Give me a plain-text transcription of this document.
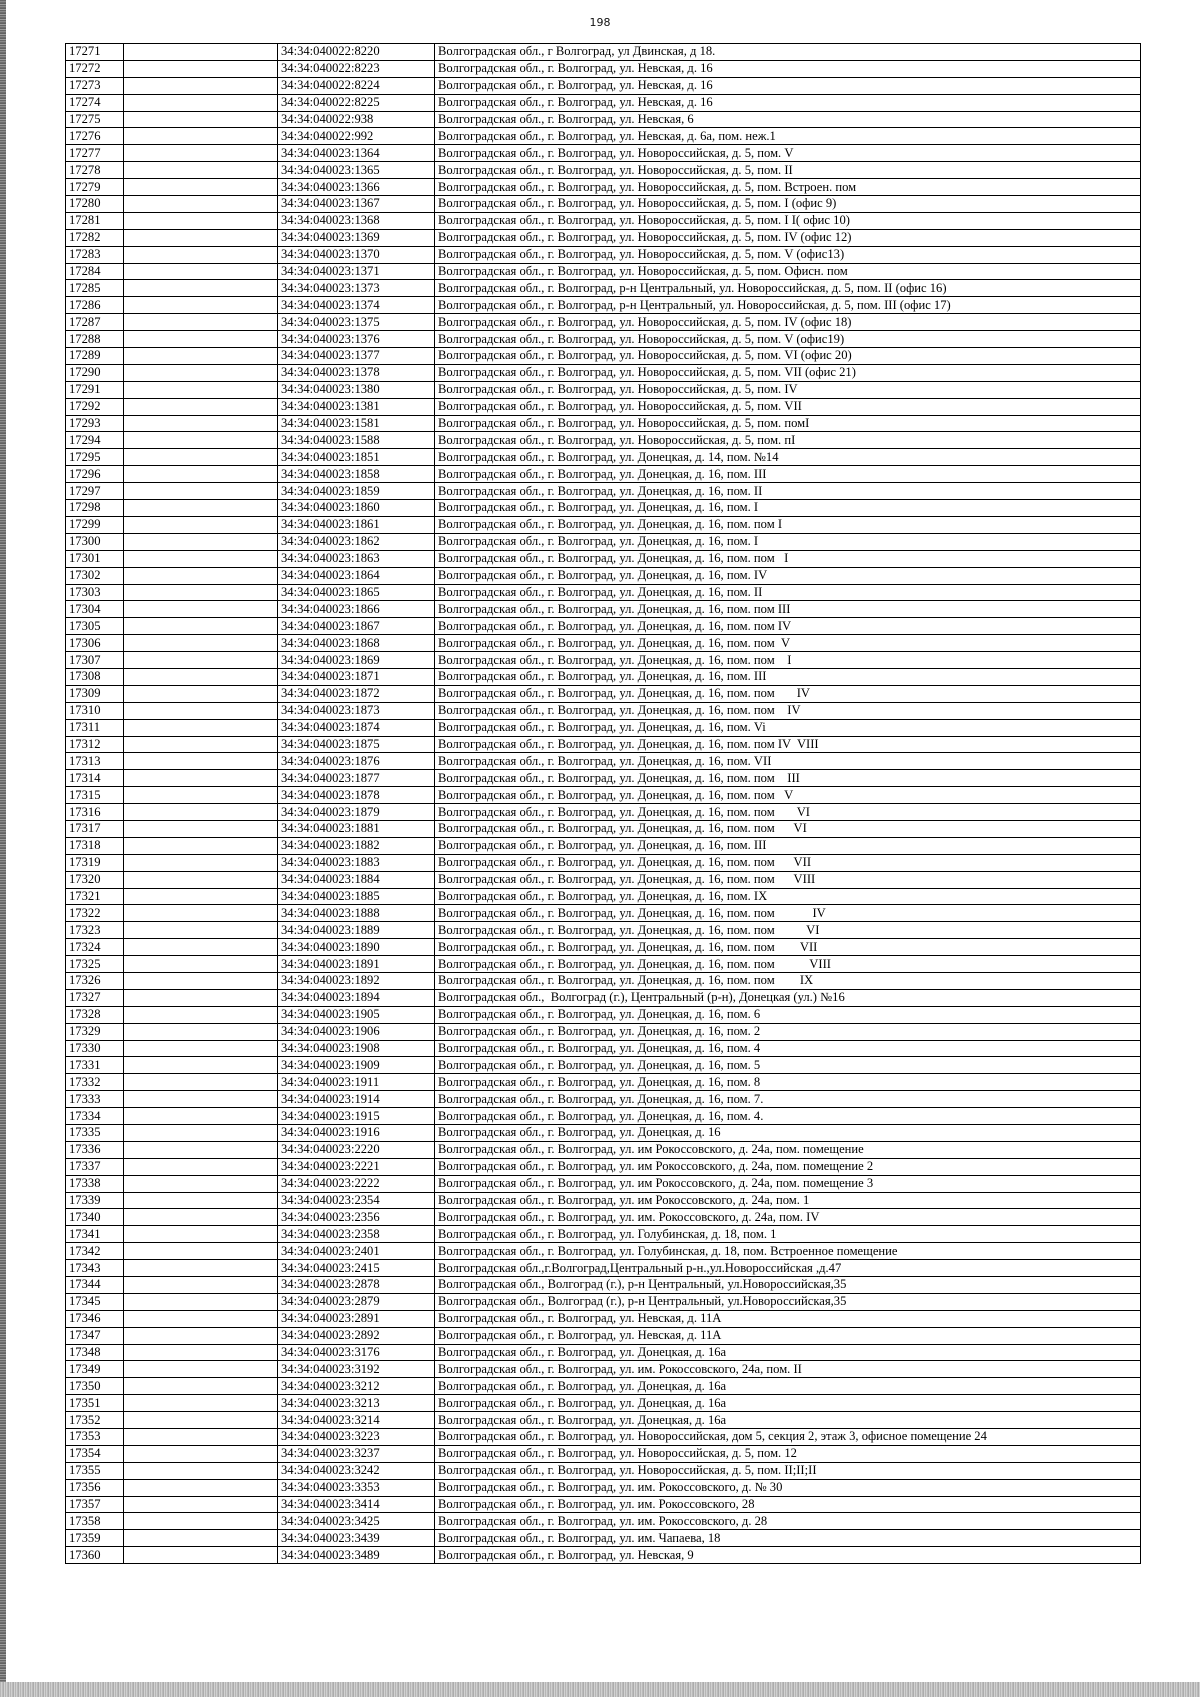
198
17271		34:34:040022:8220	Волгоградская обл., г Волгоград, ул Двинская, д 18.
17272		34:34:040022:8223	Волгоградская обл., г. Волгоград, ул. Невская, д. 16
17273		34:34:040022:8224	Волгоградская обл., г. Волгоград, ул. Невская, д. 16
17274		34:34:040022:8225	Волгоградская обл., г. Волгоград, ул. Невская, д. 16
17275		34:34:040022:938	Волгоградская обл., г. Волгоград, ул. Невская, 6
17276		34:34:040022:992	Волгоградская обл., г. Волгоград, ул. Невская, д. 6а, пом. неж.1
17277		34:34:040023:1364	Волгоградская обл., г. Волгоград, ул. Новороссийская, д. 5, пом. V
17278		34:34:040023:1365	Волгоградская обл., г. Волгоград, ул. Новороссийская, д. 5, пом. II
17279		34:34:040023:1366	Волгоградская обл., г. Волгоград, ул. Новороссийская, д. 5, пом. Встроен. пом
17280		34:34:040023:1367	Волгоградская обл., г. Волгоград, ул. Новороссийская, д. 5, пом. I (офис 9)
17281		34:34:040023:1368	Волгоградская обл., г. Волгоград, ул. Новороссийская, д. 5, пом. I I( офис 10)
17282		34:34:040023:1369	Волгоградская обл., г. Волгоград, ул. Новороссийская, д. 5, пом. IV (офис 12)
17283		34:34:040023:1370	Волгоградская обл., г. Волгоград, ул. Новороссийская, д. 5, пом. V (офис13)
17284		34:34:040023:1371	Волгоградская обл., г. Волгоград, ул. Новороссийская, д. 5, пом. Офисн. пом
17285		34:34:040023:1373	Волгоградская обл., г. Волгоград, р-н Центральный, ул. Новороссийская, д. 5, пом. II (офис 16)
17286		34:34:040023:1374	Волгоградская обл., г. Волгоград, р-н Центральный, ул. Новороссийская, д. 5, пом. III (офис 17)
17287		34:34:040023:1375	Волгоградская обл., г. Волгоград, ул. Новороссийская, д. 5, пом. IV (офис 18)
17288		34:34:040023:1376	Волгоградская обл., г. Волгоград, ул. Новороссийская, д. 5, пом. V (офис19)
17289		34:34:040023:1377	Волгоградская обл., г. Волгоград, ул. Новороссийская, д. 5, пом. VI (офис 20)
17290		34:34:040023:1378	Волгоградская обл., г. Волгоград, ул. Новороссийская, д. 5, пом. VII (офис 21)
17291		34:34:040023:1380	Волгоградская обл., г. Волгоград, ул. Новороссийская, д. 5, пом. IV
17292		34:34:040023:1381	Волгоградская обл., г. Волгоград, ул. Новороссийская, д. 5, пом. VII
17293		34:34:040023:1581	Волгоградская обл., г. Волгоград, ул. Новороссийская, д. 5, пом. помI
17294		34:34:040023:1588	Волгоградская обл., г. Волгоград, ул. Новороссийская, д. 5, пом. пI
17295		34:34:040023:1851	Волгоградская обл., г. Волгоград, ул. Донецкая, д. 14, пом. №14
17296		34:34:040023:1858	Волгоградская обл., г. Волгоград, ул. Донецкая, д. 16, пом. III
17297		34:34:040023:1859	Волгоградская обл., г. Волгоград, ул. Донецкая, д. 16, пом. II
17298		34:34:040023:1860	Волгоградская обл., г. Волгоград, ул. Донецкая, д. 16, пом. I
17299		34:34:040023:1861	Волгоградская обл., г. Волгоград, ул. Донецкая, д. 16, пом. пом I
17300		34:34:040023:1862	Волгоградская обл., г. Волгоград, ул. Донецкая, д. 16, пом. I
17301		34:34:040023:1863	Волгоградская обл., г. Волгоград, ул. Донецкая, д. 16, пом. пом   I
17302		34:34:040023:1864	Волгоградская обл., г. Волгоград, ул. Донецкая, д. 16, пом. IV
17303		34:34:040023:1865	Волгоградская обл., г. Волгоград, ул. Донецкая, д. 16, пом. II
17304		34:34:040023:1866	Волгоградская обл., г. Волгоград, ул. Донецкая, д. 16, пом. пом III
17305		34:34:040023:1867	Волгоградская обл., г. Волгоград, ул. Донецкая, д. 16, пом. пом IV
17306		34:34:040023:1868	Волгоградская обл., г. Волгоград, ул. Донецкая, д. 16, пом. пом  V
17307		34:34:040023:1869	Волгоградская обл., г. Волгоград, ул. Донецкая, д. 16, пом. пом    I
17308		34:34:040023:1871	Волгоградская обл., г. Волгоград, ул. Донецкая, д. 16, пом. III
17309		34:34:040023:1872	Волгоградская обл., г. Волгоград, ул. Донецкая, д. 16, пом. пом       IV
17310		34:34:040023:1873	Волгоградская обл., г. Волгоград, ул. Донецкая, д. 16, пом. пом    IV
17311		34:34:040023:1874	Волгоградская обл., г. Волгоград, ул. Донецкая, д. 16, пом. Vi
17312		34:34:040023:1875	Волгоградская обл., г. Волгоград, ул. Донецкая, д. 16, пом. пом IV  VIII
17313		34:34:040023:1876	Волгоградская обл., г. Волгоград, ул. Донецкая, д. 16, пом. VII
17314		34:34:040023:1877	Волгоградская обл., г. Волгоград, ул. Донецкая, д. 16, пом. пом    III
17315		34:34:040023:1878	Волгоградская обл., г. Волгоград, ул. Донецкая, д. 16, пом. пом   V
17316		34:34:040023:1879	Волгоградская обл., г. Волгоград, ул. Донецкая, д. 16, пом. пом       VI
17317		34:34:040023:1881	Волгоградская обл., г. Волгоград, ул. Донецкая, д. 16, пом. пом      VI
17318		34:34:040023:1882	Волгоградская обл., г. Волгоград, ул. Донецкая, д. 16, пом. III
17319		34:34:040023:1883	Волгоградская обл., г. Волгоград, ул. Донецкая, д. 16, пом. пом      VII
17320		34:34:040023:1884	Волгоградская обл., г. Волгоград, ул. Донецкая, д. 16, пом. пом      VIII
17321		34:34:040023:1885	Волгоградская обл., г. Волгоград, ул. Донецкая, д. 16, пом. IX
17322		34:34:040023:1888	Волгоградская обл., г. Волгоград, ул. Донецкая, д. 16, пом. пом            IV
17323		34:34:040023:1889	Волгоградская обл., г. Волгоград, ул. Донецкая, д. 16, пом. пом          VI
17324		34:34:040023:1890	Волгоградская обл., г. Волгоград, ул. Донецкая, д. 16, пом. пом        VII
17325		34:34:040023:1891	Волгоградская обл., г. Волгоград, ул. Донецкая, д. 16, пом. пом           VIII
17326		34:34:040023:1892	Волгоградская обл., г. Волгоград, ул. Донецкая, д. 16, пом. пом        IX
17327		34:34:040023:1894	Волгоградская обл.,  Волгоград (г.), Центральный (р-н), Донецкая (ул.) №16
17328		34:34:040023:1905	Волгоградская обл., г. Волгоград, ул. Донецкая, д. 16, пом. 6
17329		34:34:040023:1906	Волгоградская обл., г. Волгоград, ул. Донецкая, д. 16, пом. 2
17330		34:34:040023:1908	Волгоградская обл., г. Волгоград, ул. Донецкая, д. 16, пом. 4
17331		34:34:040023:1909	Волгоградская обл., г. Волгоград, ул. Донецкая, д. 16, пом. 5
17332		34:34:040023:1911	Волгоградская обл., г. Волгоград, ул. Донецкая, д. 16, пом. 8
17333		34:34:040023:1914	Волгоградская обл., г. Волгоград, ул. Донецкая, д. 16, пом. 7.
17334		34:34:040023:1915	Волгоградская обл., г. Волгоград, ул. Донецкая, д. 16, пом. 4.
17335		34:34:040023:1916	Волгоградская обл., г. Волгоград, ул. Донецкая, д. 16
17336		34:34:040023:2220	Волгоградская обл., г. Волгоград, ул. им Рокоссовского, д. 24а, пом. помещение
17337		34:34:040023:2221	Волгоградская обл., г. Волгоград, ул. им Рокоссовского, д. 24а, пом. помещение 2
17338		34:34:040023:2222	Волгоградская обл., г. Волгоград, ул. им Рокоссовского, д. 24а, пом. помещение 3
17339		34:34:040023:2354	Волгоградская обл., г. Волгоград, ул. им Рокоссовского, д. 24а, пом. 1
17340		34:34:040023:2356	Волгоградская обл., г. Волгоград, ул. им. Рокоссовского, д. 24а, пом. IV
17341		34:34:040023:2358	Волгоградская обл., г. Волгоград, ул. Голубинская, д. 18, пом. 1
17342		34:34:040023:2401	Волгоградская обл., г. Волгоград, ул. Голубинская, д. 18, пом. Встроенное помещение
17343		34:34:040023:2415	Волгоградская обл.,г.Волгоград,Центральный р-н.,ул.Новороссийская ,д.47
17344		34:34:040023:2878	Волгоградская обл., Волгоград (г.), р-н Центральный, ул.Новороссийская,35
17345		34:34:040023:2879	Волгоградская обл., Волгоград (г.), р-н Центральный, ул.Новороссийская,35
17346		34:34:040023:2891	Волгоградская обл., г. Волгоград, ул. Невская, д. 11А
17347		34:34:040023:2892	Волгоградская обл., г. Волгоград, ул. Невская, д. 11А
17348		34:34:040023:3176	Волгоградская обл., г. Волгоград, ул. Донецкая, д. 16а
17349		34:34:040023:3192	Волгоградская обл., г. Волгоград, ул. им. Рокоссовского, 24а, пом. II
17350		34:34:040023:3212	Волгоградская обл., г. Волгоград, ул. Донецкая, д. 16а
17351		34:34:040023:3213	Волгоградская обл., г. Волгоград, ул. Донецкая, д. 16а
17352		34:34:040023:3214	Волгоградская обл., г. Волгоград, ул. Донецкая, д. 16а
17353		34:34:040023:3223	Волгоградская обл., г. Волгоград, ул. Новороссийская, дом 5, секция 2, этаж 3, офисное помещение 24
17354		34:34:040023:3237	Волгоградская обл., г. Волгоград, ул. Новороссийская, д. 5, пом. 12
17355		34:34:040023:3242	Волгоградская обл., г. Волгоград, ул. Новороссийская, д. 5, пом. II;II;II
17356		34:34:040023:3353	Волгоградская обл., г. Волгоград, ул. им. Рокоссовского, д. № 30
17357		34:34:040023:3414	Волгоградская обл., г. Волгоград, ул. им. Рокоссовского, 28
17358		34:34:040023:3425	Волгоградская обл., г. Волгоград, ул. им. Рокоссовского, д. 28
17359		34:34:040023:3439	Волгоградская обл., г. Волгоград, ул. им. Чапаева, 18
17360		34:34:040023:3489	Волгоградская обл., г. Волгоград, ул. Невская, 9
